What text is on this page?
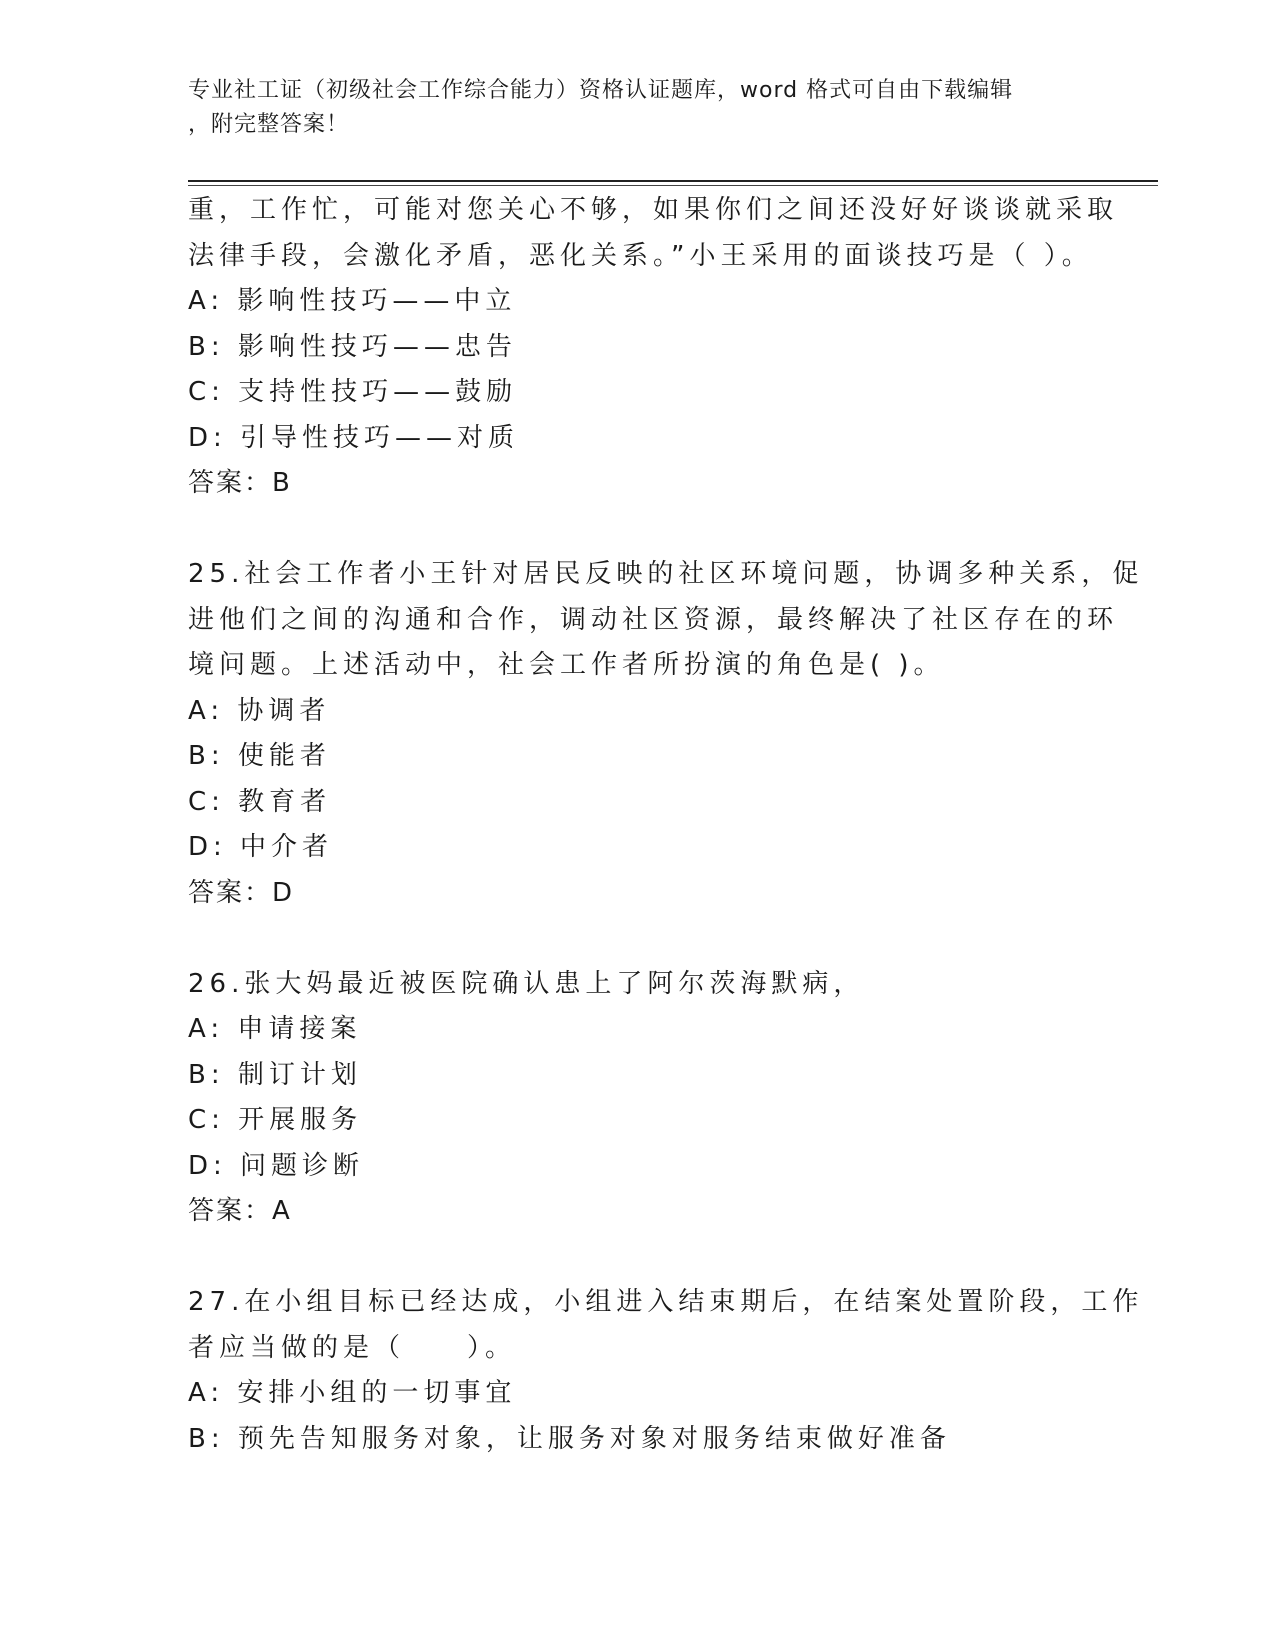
专业社工证（初级社会工作综合能力）资格认证题库，word 格式可自由下载编辑
，附完整答案！
重，工作忙，可能对您关心不够，如果你们之间还没好好谈谈就采取
法律手段，会激化矛盾，恶化关系。”小王采用的面谈技巧是（ ）。
A: 影响性技巧——中立
B: 影响性技巧——忠告
C: 支持性技巧——鼓励
D: 引导性技巧——对质
答案：B
25.社会工作者小王针对居民反映的社区环境问题，协调多种关系，促
进他们之间的沟通和合作，调动社区资源，最终解决了社区存在的环
境问题。上述活动中，社会工作者所扮演的角色是( )。
A: 协调者
B: 使能者
C: 教育者
D: 中介者
答案：D
26.张大妈最近被医院确认患上了阿尔茨海默病，
A: 申请接案
B: 制订计划
C: 开展服务
D: 问题诊断
答案：A
27.在小组目标已经达成，小组进入结束期后，在结案处置阶段，工作
者应当做的是（　　）。
A: 安排小组的一切事宜
B: 预先告知服务对象，让服务对象对服务结束做好准备
